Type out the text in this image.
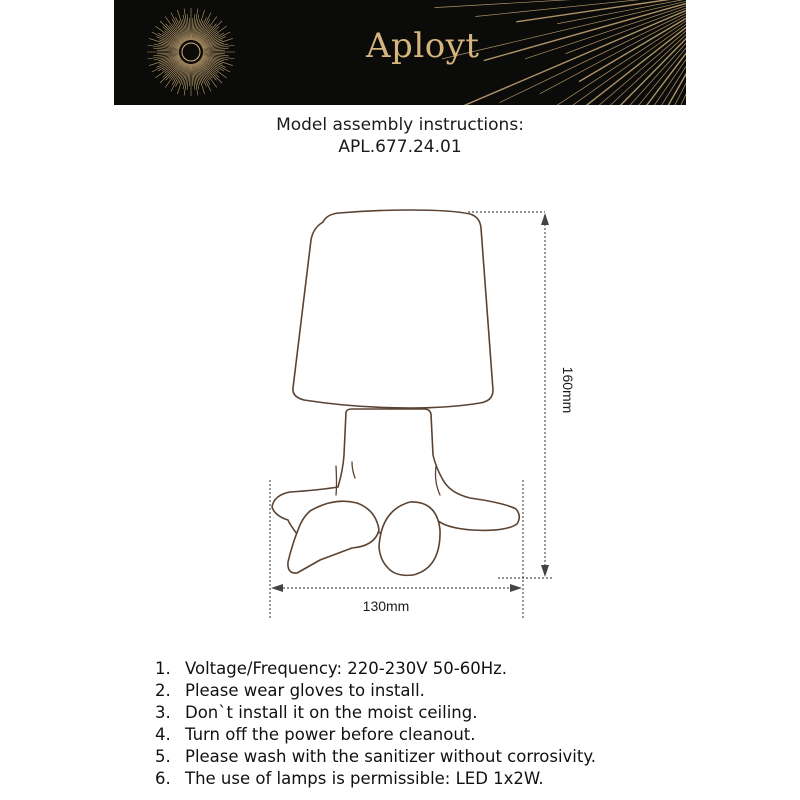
Aployt
Model assembly instructions:
APL.677.24.01
160mm
130mm
1. Voltage/Frequency: 220-230V 50-60Hz.
2. Please wear gloves to install.
3. Don`t install it on the moist ceiling.
4. Turn off the power before cleanout.
5. Please wash with the sanitizer without corrosivity.
6. The use of lamps is permissible: LED 1x2W.
